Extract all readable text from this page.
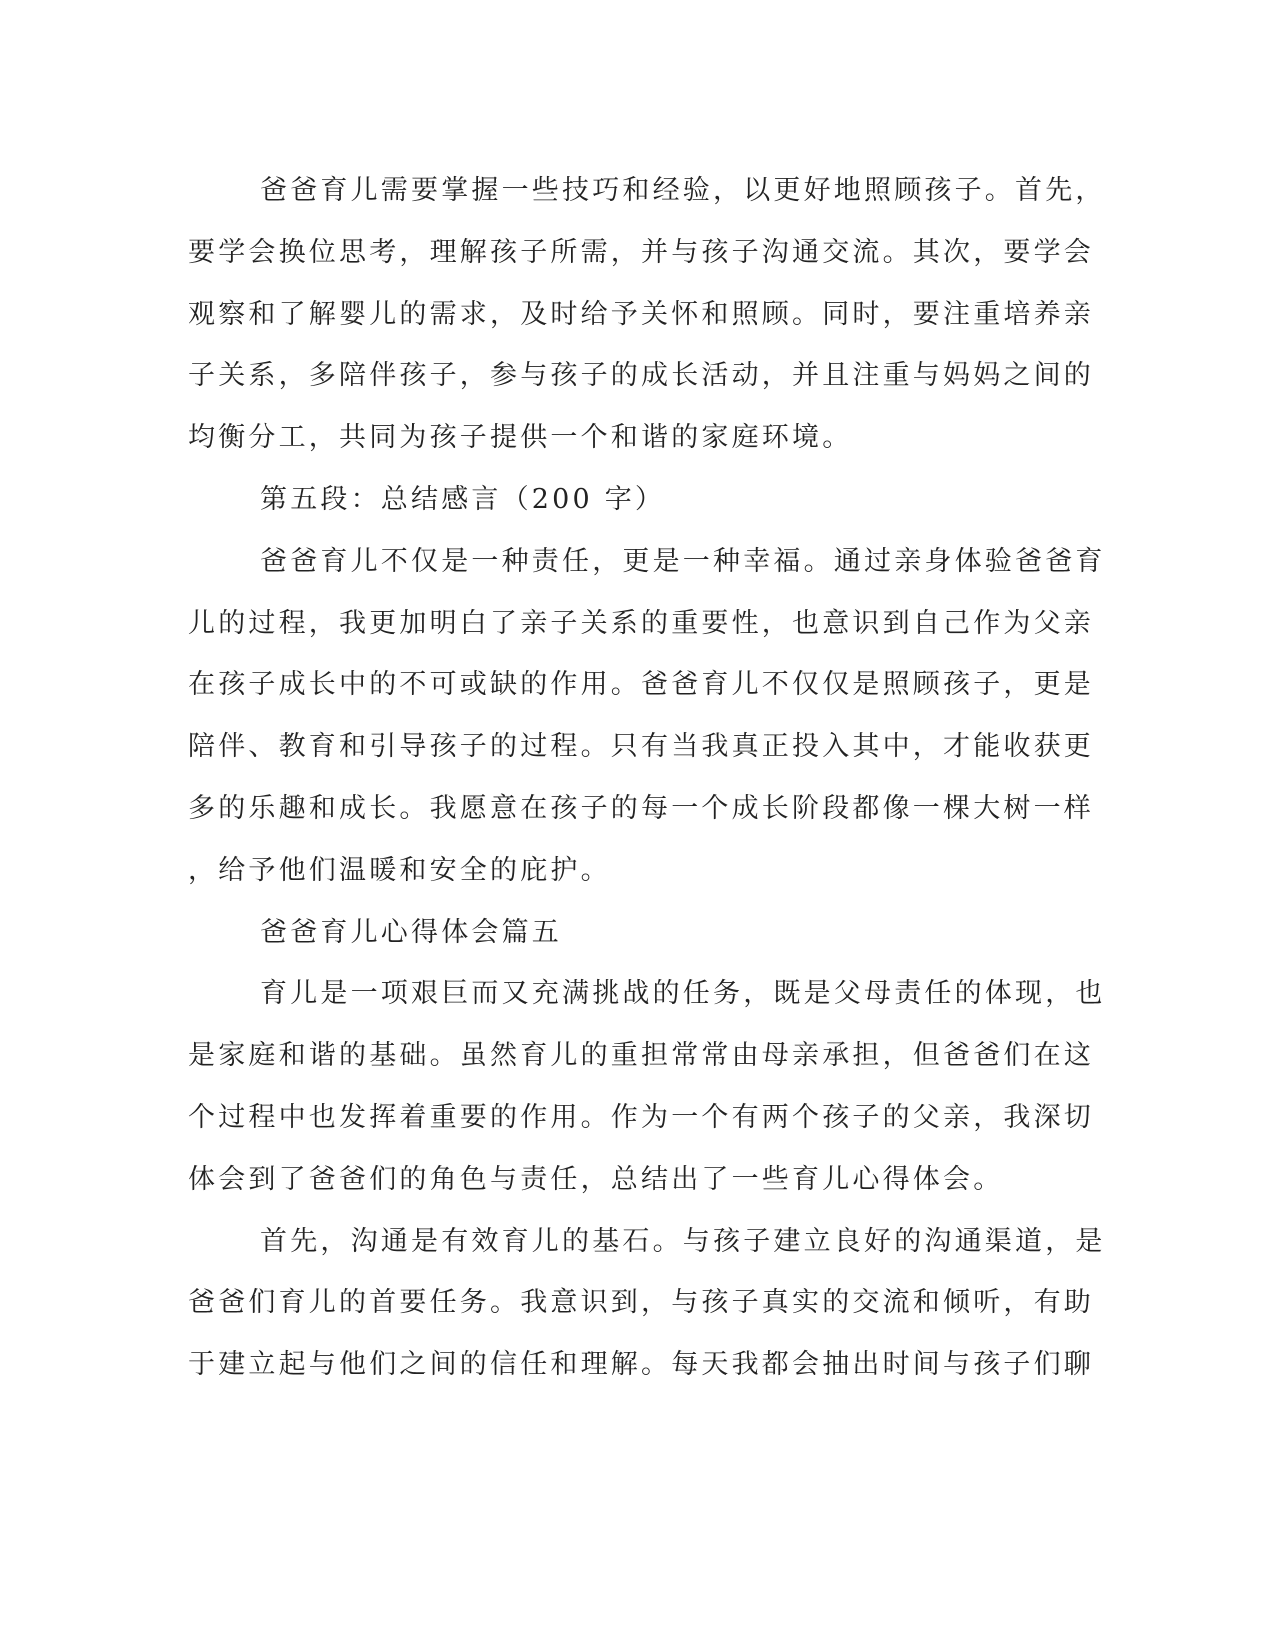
爸爸育儿需要掌握一些技巧和经验，以更好地照顾孩子。首先，
要学会换位思考，理解孩子所需，并与孩子沟通交流。其次，要学会
观察和了解婴儿的需求，及时给予关怀和照顾。同时，要注重培养亲
子关系，多陪伴孩子，参与孩子的成长活动，并且注重与妈妈之间的
均衡分工，共同为孩子提供一个和谐的家庭环境。
第五段：总结感言（200 字）
爸爸育儿不仅是一种责任，更是一种幸福。通过亲身体验爸爸育
儿的过程，我更加明白了亲子关系的重要性，也意识到自己作为父亲
在孩子成长中的不可或缺的作用。爸爸育儿不仅仅是照顾孩子，更是
陪伴、教育和引导孩子的过程。只有当我真正投入其中，才能收获更
多的乐趣和成长。我愿意在孩子的每一个成长阶段都像一棵大树一样
，给予他们温暖和安全的庇护。
爸爸育儿心得体会篇五
育儿是一项艰巨而又充满挑战的任务，既是父母责任的体现，也
是家庭和谐的基础。虽然育儿的重担常常由母亲承担，但爸爸们在这
个过程中也发挥着重要的作用。作为一个有两个孩子的父亲，我深切
体会到了爸爸们的角色与责任，总结出了一些育儿心得体会。
首先，沟通是有效育儿的基石。与孩子建立良好的沟通渠道，是
爸爸们育儿的首要任务。我意识到，与孩子真实的交流和倾听，有助
于建立起与他们之间的信任和理解。每天我都会抽出时间与孩子们聊
